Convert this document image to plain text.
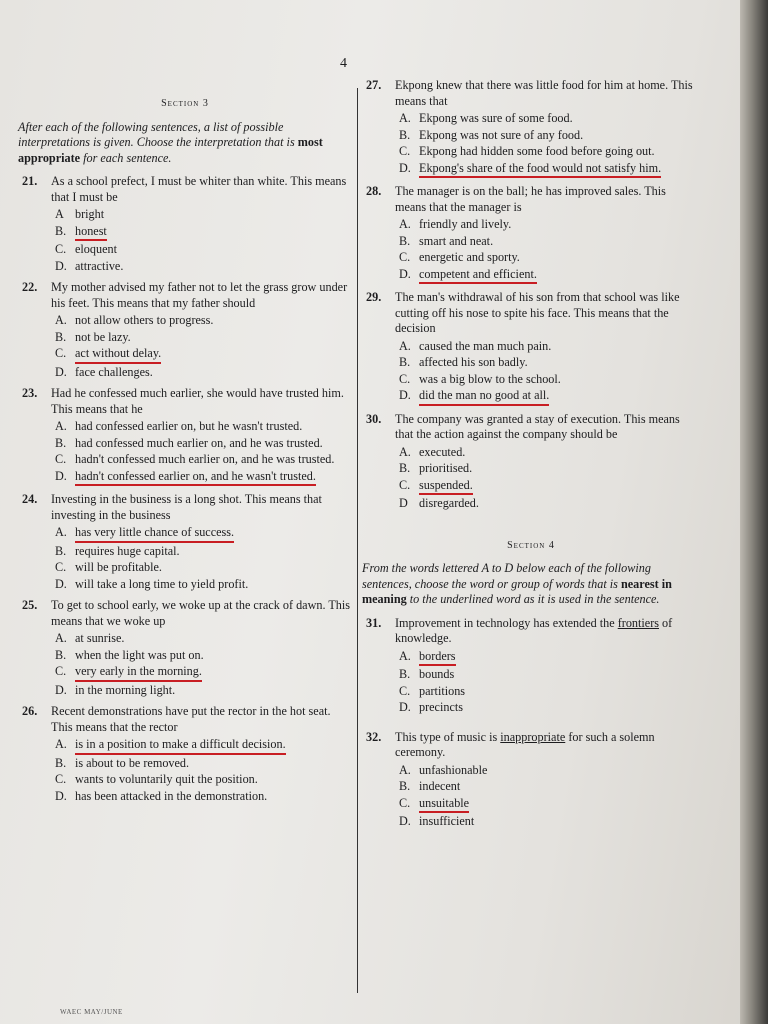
4
Section 3
After each of the following sentences, a list of possible interpretations is given. Choose the interpretation that is most appropriate for each sentence.
21. As a school prefect, I must be whiter than white. This means that I must be
A bright
B. honest
C. eloquent
D. attractive.
22. My mother advised my father not to let the grass grow under his feet. This means that my father should
A. not allow others to progress.
B. not be lazy.
C. act without delay.
D. face challenges.
23. Had he confessed much earlier, she would have trusted him. This means that he
A. had confessed earlier on, but he wasn't trusted.
B. had confessed much earlier on, and he was trusted.
C. hadn't confessed much earlier on, and he was trusted.
D. hadn't confessed earlier on, and he wasn't trusted.
24. Investing in the business is a long shot. This means that investing in the business
A. has very little chance of success.
B. requires huge capital.
C. will be profitable.
D. will take a long time to yield profit.
25. To get to school early, we woke up at the crack of dawn. This means that we woke up
A. at sunrise.
B. when the light was put on.
C. very early in the morning.
D. in the morning light.
26. Recent demonstrations have put the rector in the hot seat. This means that the rector
A. is in a position to make a difficult decision.
B. is about to be removed.
C. wants to voluntarily quit the position.
D. has been attacked in the demonstration.
27. Ekpong knew that there was little food for him at home. This means that
A. Ekpong was sure of some food.
B. Ekpong was not sure of any food.
C. Ekpong had hidden some food before going out.
D. Ekpong's share of the food would not satisfy him.
28. The manager is on the ball; he has improved sales. This means that the manager is
A. friendly and lively.
B. smart and neat.
C. energetic and sporty.
D. competent and efficient.
29. The man's withdrawal of his son from that school was like cutting off his nose to spite his face. This means that the decision
A. caused the man much pain.
B. affected his son badly.
C. was a big blow to the school.
D. did the man no good at all.
30. The company was granted a stay of execution. This means that the action against the company should be
A. executed.
B. prioritised.
C. suspended.
D disregarded.
Section 4
From the words lettered A to D below each of the following sentences, choose the word or group of words that is nearest in meaning to the underlined word as it is used in the sentence.
31. Improvement in technology has extended the frontiers of knowledge.
A. borders
B. bounds
C. partitions
D. precincts
32. This type of music is inappropriate for such a solemn ceremony.
A. unfashionable
B. indecent
C. unsuitable
D. insufficient
WAEC MAY/JUNE
